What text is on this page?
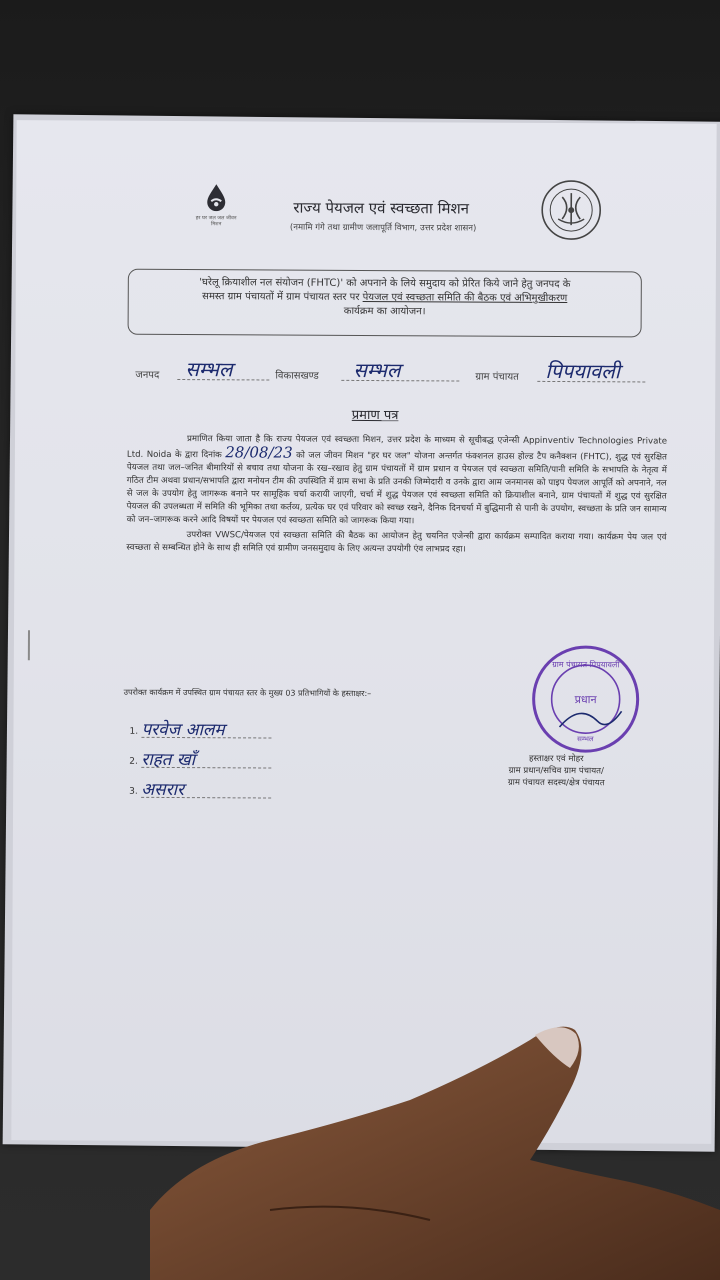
हर घर जल जल जीवन मिशन
राज्य पेयजल एवं स्वच्छता मिशन
(नमामि गंगे तथा ग्रामीण जलापूर्ति विभाग, उत्तर प्रदेश शासन)
'घरेलू क्रियाशील नल संयोजन (FHTC)' को अपनाने के लिये समुदाय को प्रेरित किये जाने हेतु जनपद के
समस्त ग्राम पंचायतों में ग्राम पंचायत स्तर पर पेयजल एवं स्वच्छता समिति की बैठक एवं अभिमुखीकरण
कार्यक्रम का आयोजन।
जनपद सम्भल	विकासखण्ड सम्भल	ग्राम पंचायत पिपयावली
प्रमाण पत्र

प्रमाणित किया जाता है कि राज्य पेयजल एवं स्वच्छता मिशन, उत्तर प्रदेश के माध्यम से सूचीबद्ध एजेन्सी Appinventiv Technologies Private Ltd. Noida के द्वारा दिनांक 28/08/23 को जल जीवन मिशन "हर घर जल" योजना अन्तर्गत फंक्शनल हाउस होल्ड टैप कनैक्शन (FHTC), शुद्ध एवं सुरक्षित पेयजल तथा जल–जनित बीमारियों से बचाव तथा योजना के रख–रखाव हेतु ग्राम पंचायतों में ग्राम प्रधान व पेयजल एवं स्वच्छता समिति/पानी समिति के सभापति के नेतृत्व में गठित टीम अथवा प्रधान/सभापति द्वारा मनोयन टीम की उपस्थिति में ग्राम सभा के प्रति उनकी जिम्मेदारी व उनके द्वारा आम जनमानस को पाइप पेयजल आपूर्ति को अपनाने, नल से जल के उपयोग हेतु जागरूक बनाने पर सामूहिक चर्चा करायी जाएगी, चर्चा में शुद्ध पेयजल एवं स्वच्छता समिति को क्रियाशील बनाने, ग्राम पंचायतों में शुद्ध एवं सुरक्षित पेयजल की उपलब्धता में समिति की भूमिका तथा कर्तव्य, प्रत्येक घर एवं परिवार को स्वच्छ रखने, दैनिक दिनचर्या में बुद्धिमानी से पानी के उपयोग, स्वच्छता के प्रति जन सामान्य को जन–जागरूक करने आदि विषयों पर पेयजल एवं स्वच्छता समिति को जागरूक किया गया।

उपरोक्त VWSC/पेयजल एवं स्वच्छता समिति की बैठक का आयोजन हेतु चयनित एजेन्सी द्वारा कार्यक्रम सम्पादित कराया गया। कार्यक्रम पेय जल एवं स्वच्छता से सम्बन्धित होने के साथ ही समिति एवं ग्रामीण जनसमुदाय के लिए अत्यन्त उपयोगी एंव लाभप्रद रहा।

उपरोक्त कार्यक्रम में उपस्थित ग्राम पंचायत स्तर के मुख्य 03 प्रतिभागियों के हस्ताक्षर:–
1. परवेज आलम
2. राहत खाँ
3. असरार
ग्राम पंचायत पिपयावली
प्रधान
सम्भल
हस्ताक्षर एवं मोहर
ग्राम प्रधान/सचिव ग्राम पंचायत/
ग्राम पंचायत सदस्य/क्षेत्र पंचायत
